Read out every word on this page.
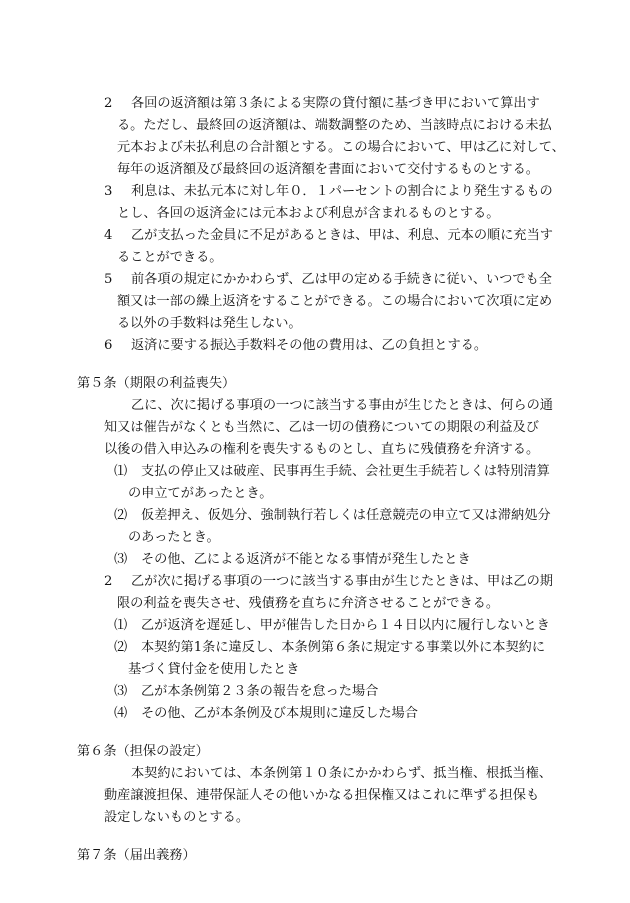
2 各回の返済額は第３条による実際の貸付額に基づき甲において算出す
る。ただし、最終回の返済額は、端数調整のため、当該時点における未払
元本および未払利息の合計額とする。この場合において、甲は乙に対して、
毎年の返済額及び最終回の返済額を書面において交付するものとする。
3 利息は、未払元本に対し年０．１パーセントの割合により発生するもの
とし、各回の返済金には元本および利息が含まれるものとする。
4 乙が支払った金員に不足があるときは、甲は、利息、元本の順に充当す
ることができる。
5 前各項の規定にかかわらず、乙は甲の定める手続きに従い、いつでも全
額又は一部の繰上返済をすることができる。この場合において次項に定め
る以外の手数料は発生しない。
6 返済に要する振込手数料その他の費用は、乙の負担とする。
第５条（期限の利益喪失）
乙に、次に掲げる事項の一つに該当する事由が生じたときは、何らの通
知又は催告がなくとも当然に、乙は一切の債務についての期限の利益及び
以後の借入申込みの権利を喪失するものとし、直ちに残債務を弁済する。
⑴ 支払の停止又は破産、民事再生手続、会社更生手続若しくは特別清算
の申立てがあったとき。
⑵ 仮差押え、仮処分、強制執行若しくは任意競売の申立て又は滞納処分
のあったとき。
⑶ その他、乙による返済が不能となる事情が発生したとき
2 乙が次に掲げる事項の一つに該当する事由が生じたときは、甲は乙の期
限の利益を喪失させ、残債務を直ちに弁済させることができる。
⑴ 乙が返済を遅延し、甲が催告した日から１４日以内に履行しないとき
⑵ 本契約第1条に違反し、本条例第６条に規定する事業以外に本契約に
基づく貸付金を使用したとき
⑶ 乙が本条例第２３条の報告を怠った場合
⑷ その他、乙が本条例及び本規則に違反した場合
第６条（担保の設定）
本契約においては、本条例第１０条にかかわらず、抵当権、根抵当権、
動産譲渡担保、連帯保証人その他いかなる担保権又はこれに準ずる担保も
設定しないものとする。
第７条（届出義務）
